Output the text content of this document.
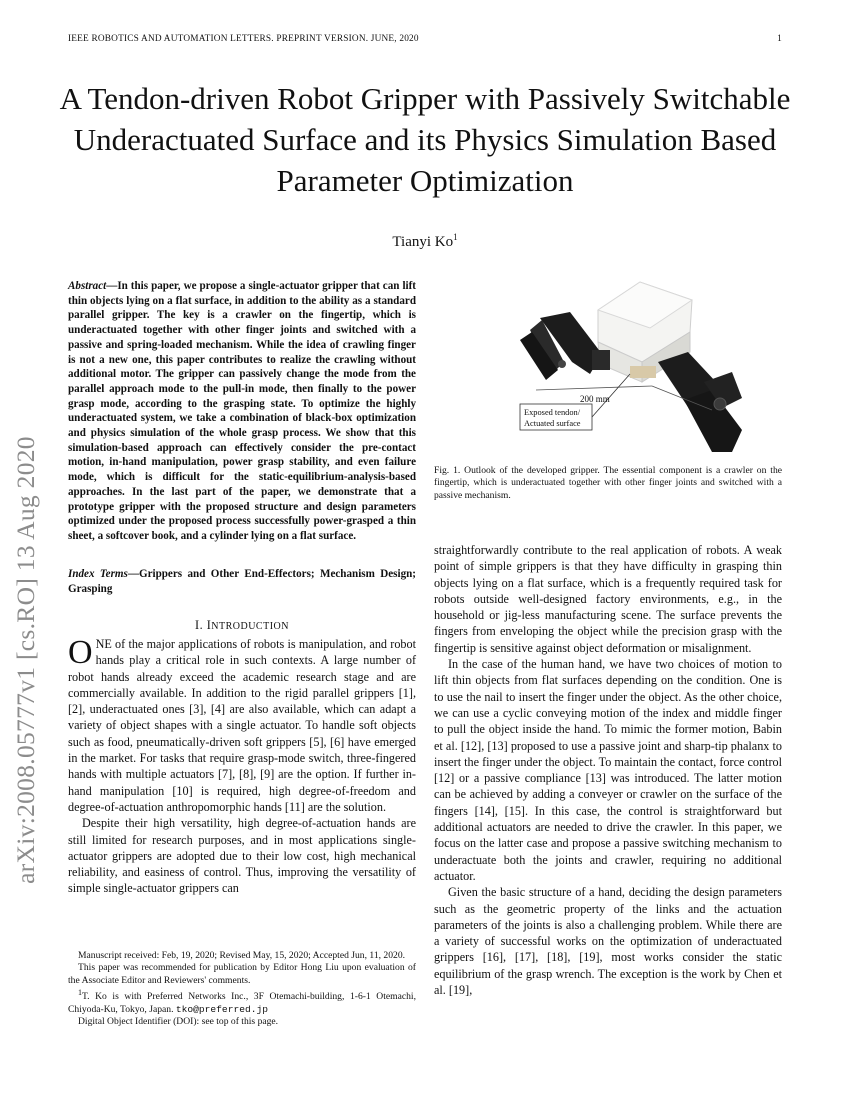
IEEE ROBOTICS AND AUTOMATION LETTERS. PREPRINT VERSION. JUNE, 2020	1
A Tendon-driven Robot Gripper with Passively Switchable Underactuated Surface and its Physics Simulation Based Parameter Optimization
Tianyi Ko$^1$
arXiv:2008.05777v1 [cs.RO] 13 Aug 2020
Abstract—In this paper, we propose a single-actuator gripper that can lift thin objects lying on a flat surface, in addition to the ability as a standard parallel gripper. The key is a crawler on the fingertip, which is underactuated together with other finger joints and switched with a passive and spring-loaded mechanism. While the idea of crawling finger is not a new one, this paper contributes to realize the crawling without additional motor. The gripper can passively change the mode from the parallel approach mode to the pull-in mode, then finally to the power grasp mode, according to the grasping state. To optimize the highly underactuated system, we take a combination of black-box optimization and physics simulation of the whole grasp process. We show that this simulation-based approach can effectively consider the pre-contact motion, in-hand manipulation, power grasp stability, and even failure mode, which is difficult for the static-equilibrium-analysis-based approaches. In the last part of the paper, we demonstrate that a prototype gripper with the proposed structure and design parameters optimized under the proposed process successfully power-grasped a thin sheet, a softcover book, and a cylinder lying on a flat surface.
Index Terms—Grippers and Other End-Effectors; Mechanism Design; Grasping
I. INTRODUCTION

ONE of the major applications of robots is manipulation, and robot hands play a critical role in such contexts. A large number of robot hands already exceed the academic research stage and are commercially available. In addition to the rigid parallel grippers [1], [2], underactuated ones [3], [4] are also available, which can adapt a variety of object shapes with a single actuator. To handle soft objects such as food, pneumatically-driven soft grippers [5], [6] have emerged in the market. For tasks that require grasp-mode switch, three-fingered hands with multiple actuators [7], [8], [9] are the option. If further in-hand manipulation [10] is required, high degree-of-freedom and degree-of-actuation anthropomorphic hands [11] are the solution.

Despite their high versatility, high degree-of-actuation hands are still limited for research purposes, and in most applications single-actuator grippers are adopted due to their low cost, high mechanical reliability, and easiness of control. Thus, improving the versatility of simple single-actuator grippers can

Manuscript received: Feb, 19, 2020; Revised May, 15, 2020; Accepted Jun, 11, 2020.

This paper was recommended for publication by Editor Hong Liu upon evaluation of the Associate Editor and Reviewers' comments.

$^1$T. Ko is with Preferred Networks Inc., 3F Otemachi-building, 1-6-1 Otemachi, Chiyoda-Ku, Tokyo, Japan. tko@preferred.jp

Digital Object Identifier (DOI): see top of this page.

200 mm
Exposed tendon/
Actuated surface
Fig. 1. Outlook of the developed gripper. The essential component is a crawler on the fingertip, which is underactuated together with other finger joints and switched with a passive mechanism.

straightforwardly contribute to the real application of robots. A weak point of simple grippers is that they have difficulty in grasping thin objects lying on a flat surface, which is a frequently required task for robots outside well-designed factory environments, e.g., in the household or jig-less manufacturing scene. The surface prevents the fingers from enveloping the object while the precision grasp with the fingertip is sensitive against object deformation or misalignment.

In the case of the human hand, we have two choices of motion to lift thin objects from flat surfaces depending on the condition. One is to use the nail to insert the finger under the object. As the other choice, we can use a cyclic conveying motion of the index and middle finger to pull the object inside the hand. To mimic the former motion, Babin et al. [12], [13] proposed to use a passive joint and sharp-tip phalanx to insert the finger under the object. To maintain the contact, force control [12] or a passive compliance [13] was introduced. The latter motion can be achieved by adding a conveyer or crawler on the surface of the fingers [14], [15]. In this case, the control is straightforward but additional actuators are needed to drive the crawler. In this paper, we focus on the latter case and propose a passive switching mechanism to underactuate both the joints and crawler, requiring no additional actuator.

Given the basic structure of a hand, deciding the design parameters such as the geometric property of the links and the actuation parameters of the joints is also a challenging problem. While there are a variety of successful works on the optimization of underactuated grippers [16], [17], [18], [19], most works consider the static equilibrium of the grasp wrench. The exception is the work by Chen et al. [19],
